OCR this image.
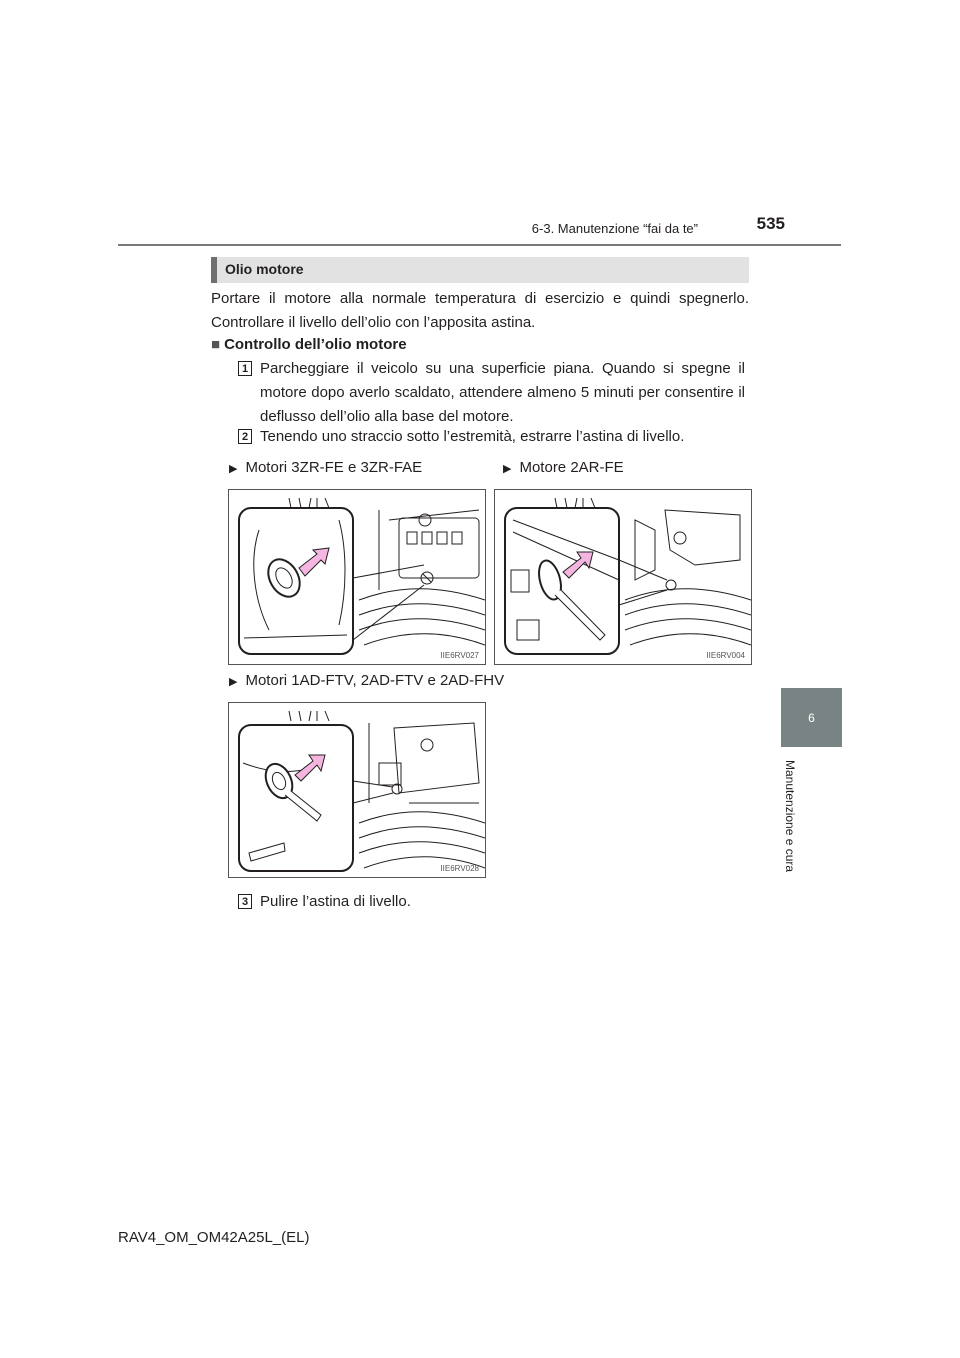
6-3. Manutenzione “fai da te”	535
6
Manutenzione e cura
Olio motore
Portare il motore alla normale temperatura di esercizio e quindi spegnerlo. Controllare il livello dell’olio con l’apposita astina.
■ Controllo dell’olio motore
1 Parcheggiare il veicolo su una superficie piana. Quando si spegne il motore dopo averlo scaldato, attendere almeno 5 minuti per consentire il deflusso dell’olio alla base del motore.
2 Tenendo uno straccio sotto l’estremità, estrarre l’astina di livello.
▶ Motori 3ZR-FE e 3ZR-FAE	▶ Motore 2AR-FE
IIE6RV027	IIE6RV004
▶ Motori 1AD-FTV, 2AD-FTV e 2AD-FHV
IIE6RV028
3 Pulire l’astina di livello.
RAV4_OM_OM42A25L_(EL)
